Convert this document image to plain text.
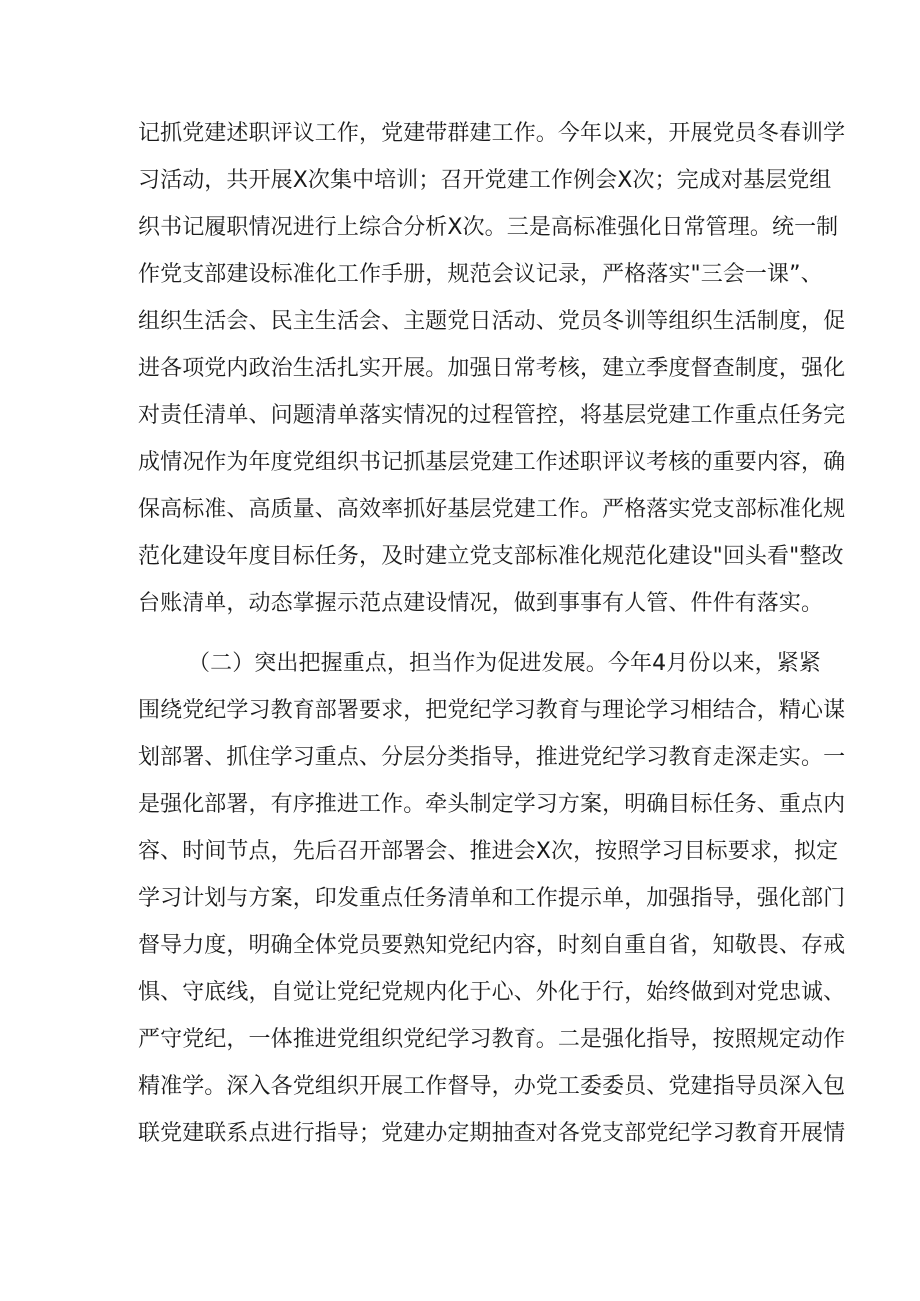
记抓党建述职评议工作，党建带群建工作。今年以来，开展党员冬春训学
习活动，共开展X次集中培训；召开党建工作例会X次；完成对基层党组
织书记履职情况进行上综合分析X次。三是高标准强化日常管理。统一制
作党支部建设标准化工作手册，规范会议记录，严格落实"三会一课”、
组织生活会、民主生活会、主题党日活动、党员冬训等组织生活制度，促
进各项党内政治生活扎实开展。加强日常考核，建立季度督查制度，强化
对责任清单、问题清单落实情况的过程管控，将基层党建工作重点任务完
成情况作为年度党组织书记抓基层党建工作述职评议考核的重要内容，确
保高标准、高质量、高效率抓好基层党建工作。严格落实党支部标准化规
范化建设年度目标任务，及时建立党支部标准化规范化建设"回头看"整改
台账清单，动态掌握示范点建设情况，做到事事有人管、件件有落实。
（二）突出把握重点，担当作为促进发展。今年4月份以来，紧紧
围绕党纪学习教育部署要求，把党纪学习教育与理论学习相结合，精心谋
划部署、抓住学习重点、分层分类指导，推进党纪学习教育走深走实。一
是强化部署，有序推进工作。牵头制定学习方案，明确目标任务、重点内
容、时间节点，先后召开部署会、推进会X次，按照学习目标要求，拟定
学习计划与方案，印发重点任务清单和工作提示单，加强指导，强化部门
督导力度，明确全体党员要熟知党纪内容，时刻自重自省，知敬畏、存戒
惧、守底线，自觉让党纪党规内化于心、外化于行，始终做到对党忠诚、
严守党纪，一体推进党组织党纪学习教育。二是强化指导，按照规定动作
精准学。深入各党组织开展工作督导，办党工委委员、党建指导员深入包
联党建联系点进行指导；党建办定期抽查对各党支部党纪学习教育开展情
